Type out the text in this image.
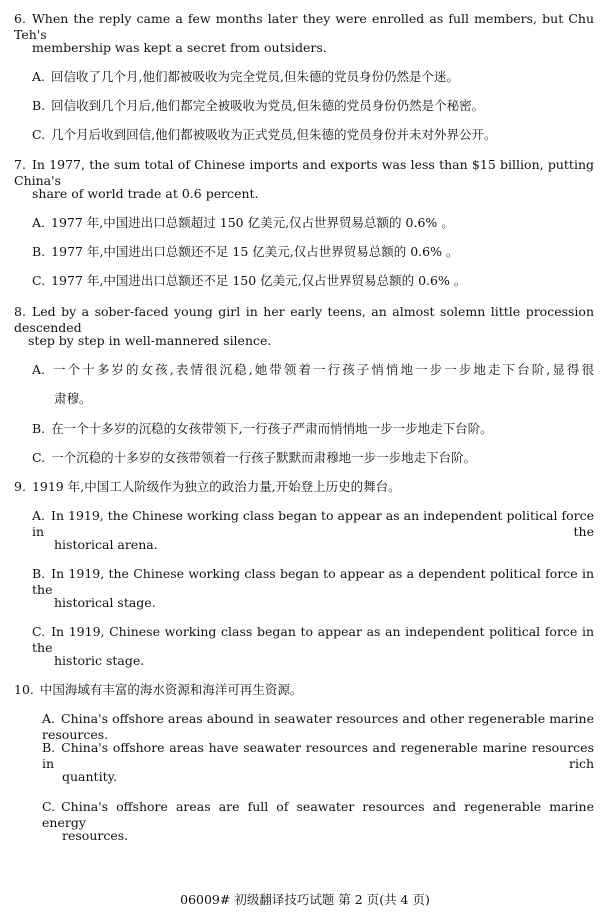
6. When the reply came a few months later they were enrolled as full members, but Chu Teh's
membership was kept a secret from outsiders.
A. 回信收了几个月,他们都被吸收为完全党员,但朱德的党员身份仍然是个迷。
B. 回信收到几个月后,他们都完全被吸收为党员,但朱德的党员身份仍然是个秘密。
C. 几个月后收到回信,他们都被吸收为正式党员,但朱德的党员身份并未对外界公开。
7. In 1977, the sum total of Chinese imports and exports was less than $15 billion, putting China's
share of world trade at 0.6 percent.
A. 1977 年,中国进出口总额超过 150 亿美元,仅占世界贸易总额的 0.6% 。
B. 1977 年,中国进出口总额还不足 15 亿美元,仅占世界贸易总额的 0.6% 。
C. 1977 年,中国进出口总额还不足 150 亿美元,仅占世界贸易总额的 0.6% 。
8. Led by a sober-faced young girl in her early teens, an almost solemn little procession descended
step by step in well-mannered silence.
A. 一个十多岁的女孩,表情很沉稳,她带领着一行孩子悄悄地一步一步地走下台阶,显得很
肃穆。
B. 在一个十多岁的沉稳的女孩带领下,一行孩子严肃而悄悄地一步一步地走下台阶。
C. 一个沉稳的十多岁的女孩带领着一行孩子默默而肃穆地一步一步地走下台阶。
9. 1919 年,中国工人阶级作为独立的政治力量,开始登上历史的舞台。
A. In 1919, the Chinese working class began to appear as an independent political force in the
historical arena.
B. In 1919, the Chinese working class began to appear as a dependent political force in the
historical stage.
C. In 1919, Chinese working class began to appear as an independent political force in the
historic stage.
10. 中国海域有丰富的海水资源和海洋可再生资源。
A. China's offshore areas abound in seawater resources and other regenerable marine resources.
B. China's offshore areas have seawater resources and regenerable marine resources in rich
quantity.
C. China's offshore areas are full of seawater resources and regenerable marine energy
resources.
06009# 初级翻译技巧试题 第 2 页(共 4 页)
